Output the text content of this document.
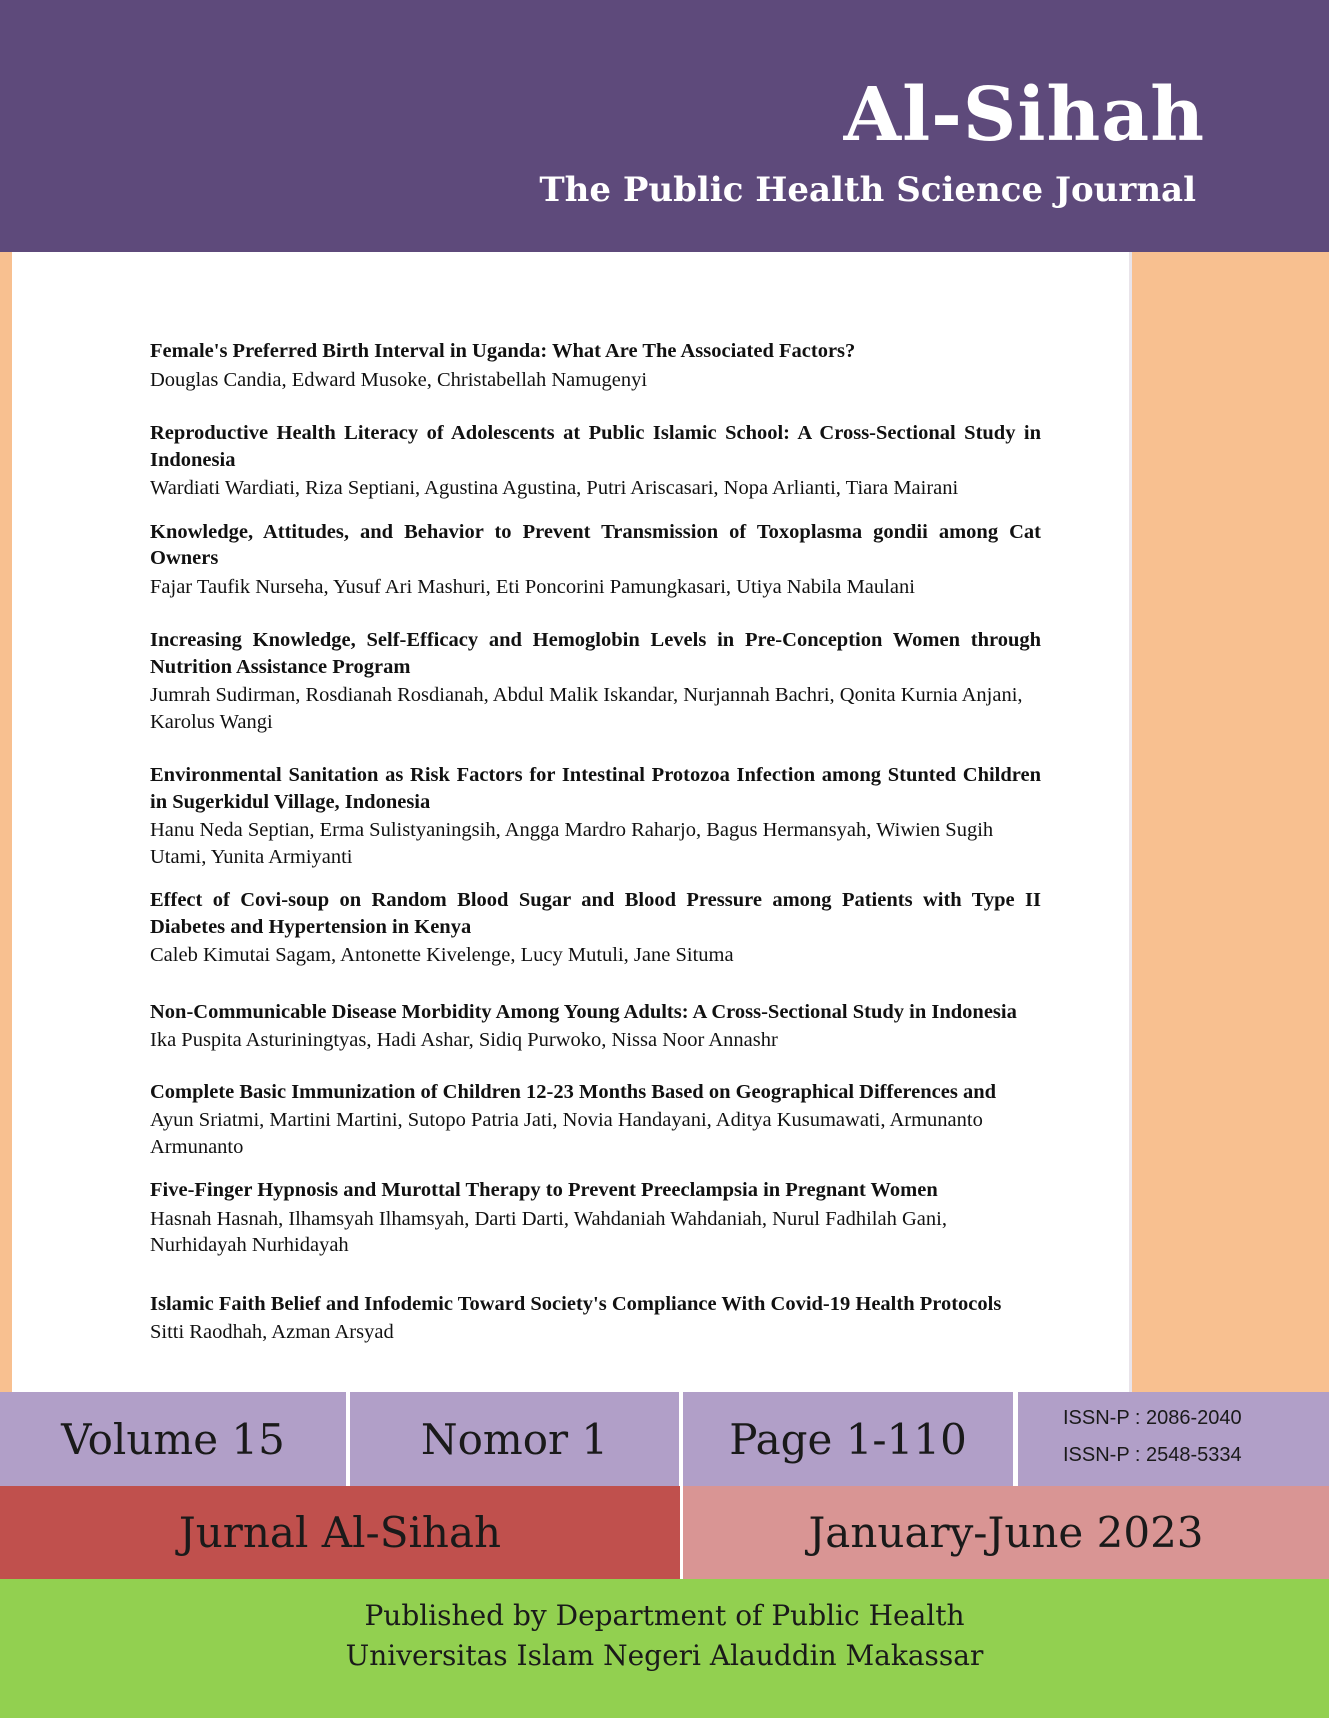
Al-Sihah
The Public Health Science Journal
Female's Preferred Birth Interval in Uganda: What Are The Associated Factors?
Douglas Candia, Edward Musoke, Christabellah Namugenyi
Reproductive Health Literacy of Adolescents at Public Islamic School: A Cross-Sectional Study in Indonesia
Wardiati Wardiati, Riza Septiani, Agustina Agustina, Putri Ariscasari, Nopa Arlianti, Tiara Mairani
Knowledge, Attitudes, and Behavior to Prevent Transmission of Toxoplasma gondii among Cat Owners
Fajar Taufik Nurseha, Yusuf Ari Mashuri, Eti Poncorini Pamungkasari, Utiya Nabila Maulani
Increasing Knowledge, Self-Efficacy and Hemoglobin Levels in Pre-Conception Women through Nutrition Assistance Program
Jumrah Sudirman, Rosdianah Rosdianah, Abdul Malik Iskandar, Nurjannah Bachri, Qonita Kurnia Anjani, Karolus Wangi
Environmental Sanitation as Risk Factors for Intestinal Protozoa Infection among Stunted Children in Sugerkidul Village, Indonesia
Hanu Neda Septian, Erma Sulistyaningsih, Angga Mardro Raharjo, Bagus Hermansyah, Wiwien Sugih Utami, Yunita Armiyanti
Effect of Covi-soup on Random Blood Sugar and Blood Pressure among Patients with Type II Diabetes and Hypertension in Kenya
Caleb Kimutai Sagam, Antonette Kivelenge, Lucy Mutuli, Jane Situma
Non-Communicable Disease Morbidity Among Young Adults: A Cross-Sectional Study in Indonesia
Ika Puspita Asturiningtyas, Hadi Ashar, Sidiq Purwoko, Nissa Noor Annashr
Complete Basic Immunization of Children 12-23 Months Based on Geographical Differences and
Ayun Sriatmi, Martini Martini, Sutopo Patria Jati, Novia Handayani, Aditya Kusumawati, Armunanto Armunanto
Five-Finger Hypnosis and Murottal Therapy to Prevent Preeclampsia in Pregnant Women
Hasnah Hasnah, Ilhamsyah Ilhamsyah, Darti Darti, Wahdaniah Wahdaniah, Nurul Fadhilah Gani, Nurhidayah Nurhidayah
Islamic Faith Belief and Infodemic Toward Society's Compliance With Covid-19 Health Protocols
Sitti Raodhah, Azman Arsyad
Volume 15	Nomor 1	Page 1-110	ISSN-P : 2086-2040
ISSN-P : 2548-5334
Jurnal Al-Sihah	January-June 2023
Published by Department of Public Health
Universitas Islam Negeri Alauddin Makassar
